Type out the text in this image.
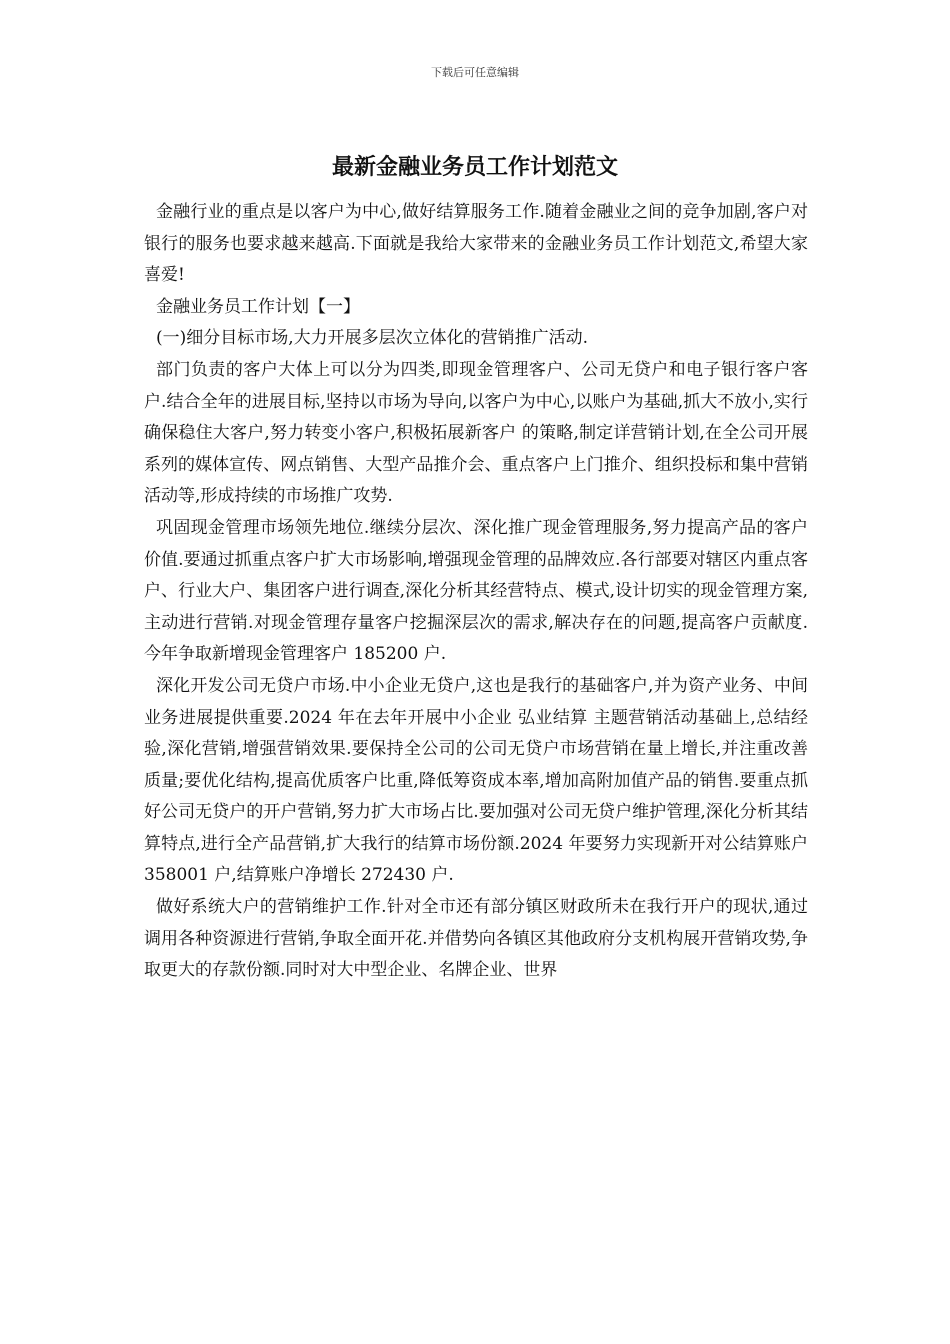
下载后可任意编辑
最新金融业务员工作计划范文

金融行业的重点是以客户为中心,做好结算服务工作.随着金融业之间的竞争加剧,客户对银行的服务也要求越来越高.下面就是我给大家带来的金融业务员工作计划范文,希望大家喜爱!

金融业务员工作计划【一】

(一)细分目标市场,大力开展多层次立体化的营销推广活动.

部门负责的客户大体上可以分为四类,即现金管理客户、公司无贷户和电子银行客户客户.结合全年的进展目标,坚持以市场为导向,以客户为中心,以账户为基础,抓大不放小,实行 确保稳住大客户,努力转变小客户,积极拓展新客户 的策略,制定详营销计划,在全公司开展系列的媒体宣传、网点销售、大型产品推介会、重点客户上门推介、组织投标和集中营销活动等,形成持续的市场推广攻势.

巩固现金管理市场领先地位.继续分层次、深化推广现金管理服务,努力提高产品的客户价值.要通过抓重点客户扩大市场影响,增强现金管理的品牌效应.各行部要对辖区内重点客户、行业大户、集团客户进行调查,深化分析其经营特点、模式,设计切实的现金管理方案,主动进行营销.对现金管理存量客户挖掘深层次的需求,解决存在的问题,提高客户贡献度.今年争取新增现金管理客户 185200 户.

深化开发公司无贷户市场.中小企业无贷户,这也是我行的基础客户,并为资产业务、中间业务进展提供重要.2024 年在去年开展中小企业 弘业结算 主题营销活动基础上,总结经验,深化营销,增强营销效果.要保持全公司的公司无贷户市场营销在量上增长,并注重改善质量;要优化结构,提高优质客户比重,降低筹资成本率,增加高附加值产品的销售.要重点抓好公司无贷户的开户营销,努力扩大市场占比.要加强对公司无贷户维护管理,深化分析其结算特点,进行全产品营销,扩大我行的结算市场份额.2024 年要努力实现新开对公结算账户 358001 户,结算账户净增长 272430 户.

做好系统大户的营销维护工作.针对全市还有部分镇区财政所未在我行开户的现状,通过调用各种资源进行营销,争取全面开花.并借势向各镇区其他政府分支机构展开营销攻势,争取更大的存款份额.同时对大中型企业、名牌企业、世界
